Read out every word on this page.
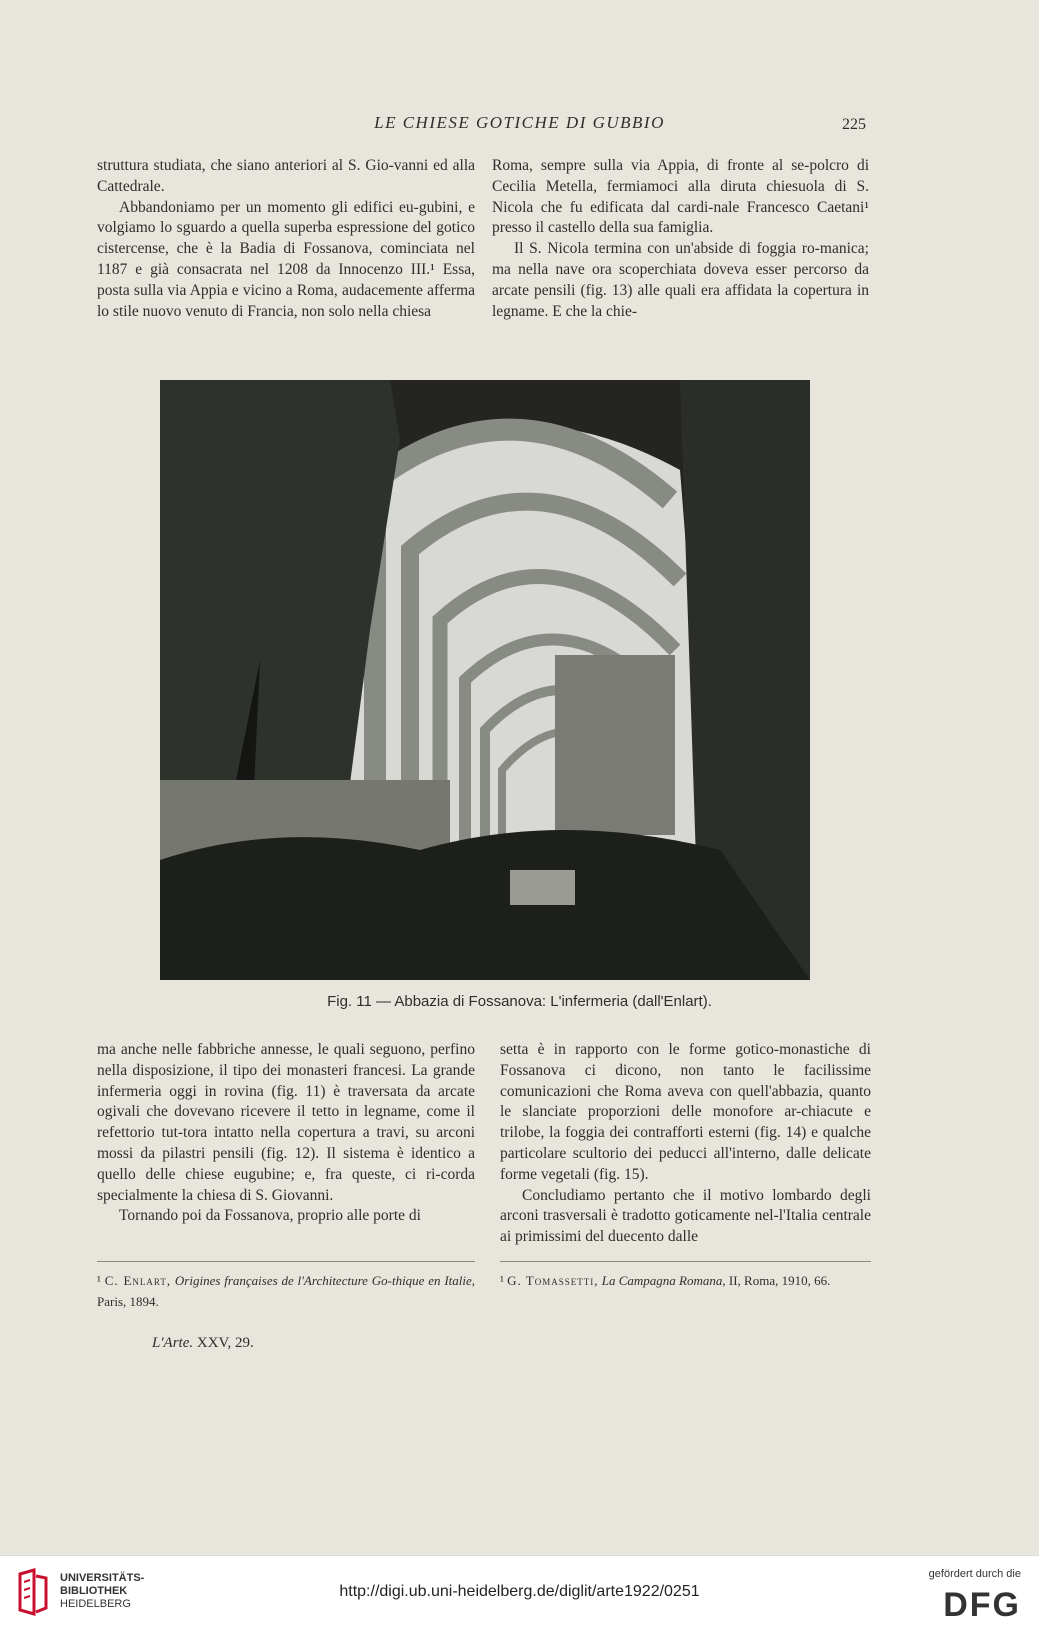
LE CHIESE GOTICHE DI GUBBIO	225

struttura studiata, che siano anteriori al S. Gio-vanni ed alla Cattedrale.

Abbandoniamo per un momento gli edifici eu-gubini, e volgiamo lo sguardo a quella superba espressione del gotico cistercense, che è la Badia di Fossanova, cominciata nel 1187 e già consacrata nel 1208 da Innocenzo III.¹ Essa, posta sulla via Appia e vicino a Roma, audacemente afferma lo stile nuovo venuto di Francia, non solo nella chiesa

Roma, sempre sulla via Appia, di fronte al se-polcro di Cecilia Metella, fermiamoci alla diruta chiesuola di S. Nicola che fu edificata dal cardi-nale Francesco Caetani¹ presso il castello della sua famiglia.

Il S. Nicola termina con un'abside di foggia ro-manica; ma nella nave ora scoperchiata doveva esser percorso da arcate pensili (fig. 13) alle quali era affidata la copertura in legname. E che la chie-

Fig. 11 — Abbazia di Fossanova: L'infermeria (dall'Enlart).

ma anche nelle fabbriche annesse, le quali seguono, perfino nella disposizione, il tipo dei monasteri francesi. La grande infermeria oggi in rovina (fig. 11) è traversata da arcate ogivali che dovevano ricevere il tetto in legname, come il refettorio tut-tora intatto nella copertura a travi, su arconi mossi da pilastri pensili (fig. 12). Il sistema è identico a quello delle chiese eugubine; e, fra queste, ci ri-corda specialmente la chiesa di S. Giovanni.

Tornando poi da Fossanova, proprio alle porte di

setta è in rapporto con le forme gotico-monastiche di Fossanova ci dicono, non tanto le facilissime comunicazioni che Roma aveva con quell'abbazia, quanto le slanciate proporzioni delle monofore ar-chiacute e trilobe, la foggia dei contrafforti esterni (fig. 14) e qualche particolare scultorio dei peducci all'interno, dalle delicate forme vegetali (fig. 15).

Concludiamo pertanto che il motivo lombardo degli arconi trasversali è tradotto goticamente nel-l'Italia centrale ai primissimi del duecento dalle

¹ C. Enlart, Origines françaises de l'Architecture Go-thique en Italie, Paris, 1894.
¹ G. Tomassetti, La Campagna Romana, II, Roma, 1910, 66.
L'Arte. XXV, 29.
UNIVERSITÄTS-
BIBLIOTHEK
HEIDELBERG
http://digi.ub.uni-heidelberg.de/diglit/arte1922/0251
gefördert durch die
DFG
